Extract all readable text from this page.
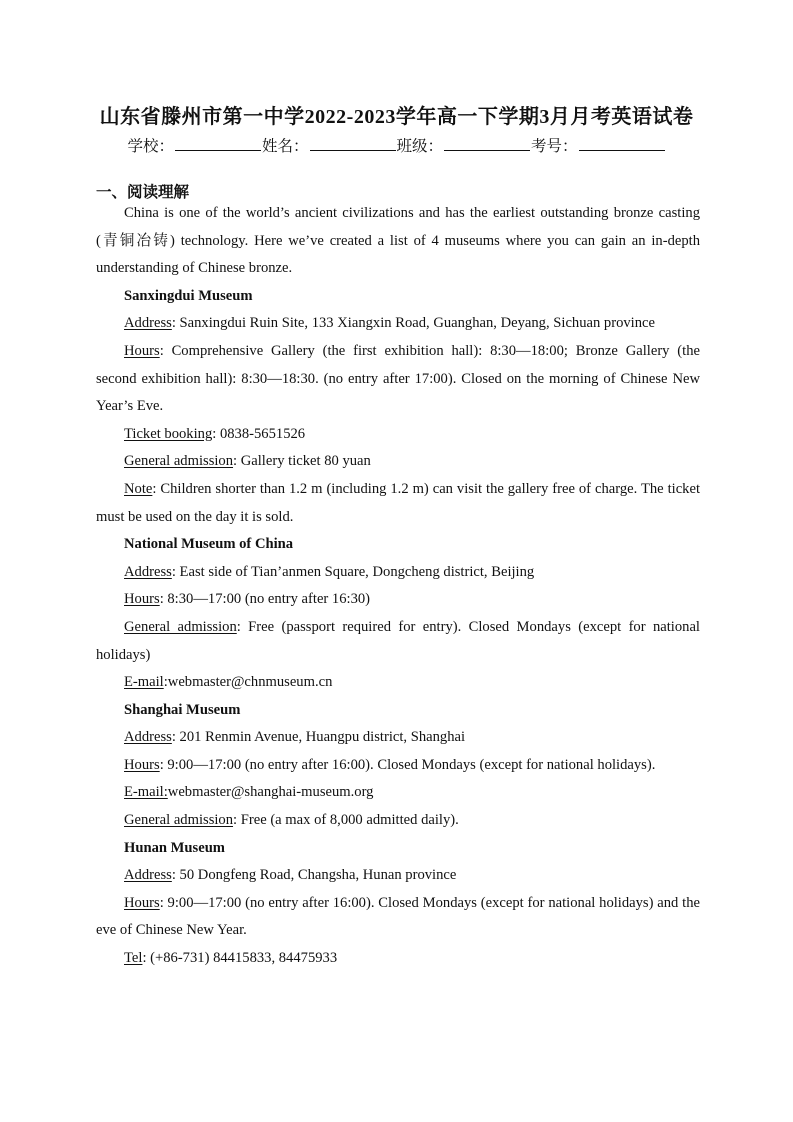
山东省滕州市第一中学2022-2023学年高一下学期3月月考英语试卷
学校：	姓名：	班级：	考号：
一、阅读理解

China is one of the world’s ancient civilizations and has the earliest outstanding bronze casting (青铜冶铸) technology. Here we’ve created a list of 4 museums where you can gain an in-depth understanding of Chinese bronze.

Sanxingdui Museum

Address: Sanxingdui Ruin Site, 133 Xiangxin Road, Guanghan, Deyang, Sichuan province

Hours: Comprehensive Gallery (the first exhibition hall): 8:30—18:00; Bronze Gallery (the second exhibition hall): 8:30—18:30. (no entry after 17:00). Closed on the morning of Chinese New Year’s Eve.

Ticket booking: 0838-5651526

General admission: Gallery ticket 80 yuan

Note: Children shorter than 1.2 m (including 1.2 m) can visit the gallery free of charge. The ticket must be used on the day it is sold.

National Museum of China

Address: East side of Tian’anmen Square, Dongcheng district, Beijing

Hours: 8:30—17:00 (no entry after 16:30)

General admission: Free (passport required for entry). Closed Mondays (except for national holidays)

E-mail:webmaster@chnmuseum.cn

Shanghai Museum

Address: 201 Renmin Avenue, Huangpu district, Shanghai

Hours: 9:00—17:00 (no entry after 16:00). Closed Mondays (except for national holidays).

E-mail:webmaster@shanghai-museum.org

General admission: Free (a max of 8,000 admitted daily).

Hunan Museum

Address: 50 Dongfeng Road, Changsha, Hunan province

Hours: 9:00—17:00 (no entry after 16:00). Closed Mondays (except for national holidays) and the eve of Chinese New Year.

Tel: (+86-731) 84415833, 84475933
